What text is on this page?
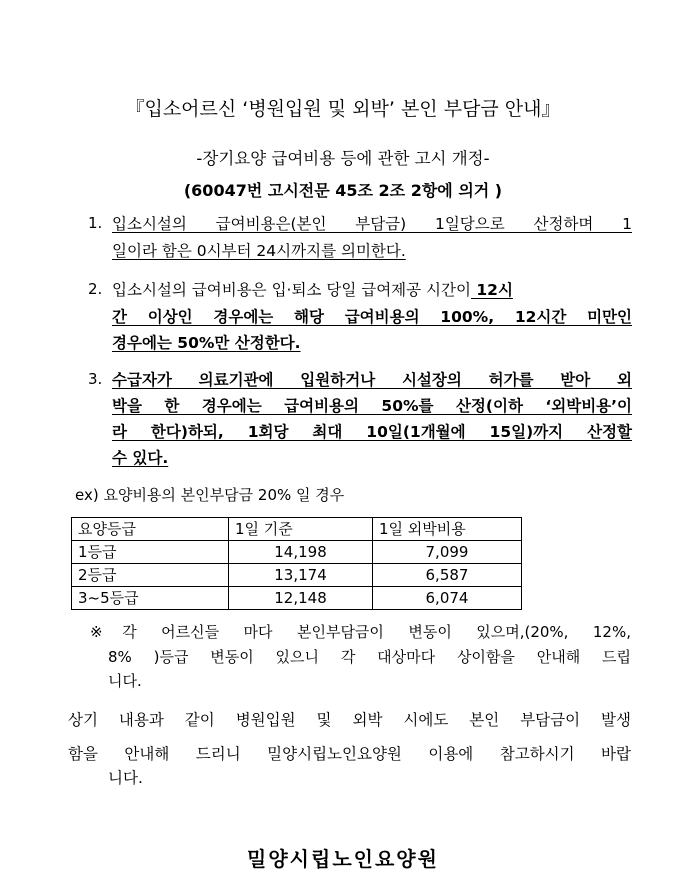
『입소어르신 ‘병원입원 및 외박’ 본인 부담금 안내』
-장기요양 급여비용 등에 관한 고시 개정-
(60047번 고시전문 45조 2조 2항에 의거 )
1. 입소시설의 급여비용은(본인 부담금) 1일당으로 산정하며 1
일이라 함은 0시부터 24시까지를 의미한다.
2. 입소시설의 급여비용은 입·퇴소 당일 급여제공 시간이 12시
간 이상인 경우에는 해당 급여비용의 100%, 12시간 미만인
경우에는 50%만 산정한다.
3. 수급자가 의료기관에 입원하거나 시설장의 허가를 받아 외
박을 한 경우에는 급여비용의 50%를 산정(이하 ‘외박비용’이
라 한다)하되, 1회당 최대 10일(1개월에 15일)까지 산정할
수 있다.
ex) 요양비용의 본인부담금 20% 일 경우
요양등급	1일 기준	1일 외박비용
1등급	14,198	7,099
2등급	13,174	6,587
3~5등급	12,148	6,074
※각 어르신들 마다 본인부담금이 변동이 있으며,(20%, 12%,
8% )등급 변동이 있으니 각 대상마다 상이함을 안내해 드립
니다.
상기 내용과 같이 병원입원 및 외박 시에도 본인 부담금이 발생
함을 안내해 드리니 밀양시립노인요양원 이용에 참고하시기 바랍
니다.
밀양시립노인요양원
